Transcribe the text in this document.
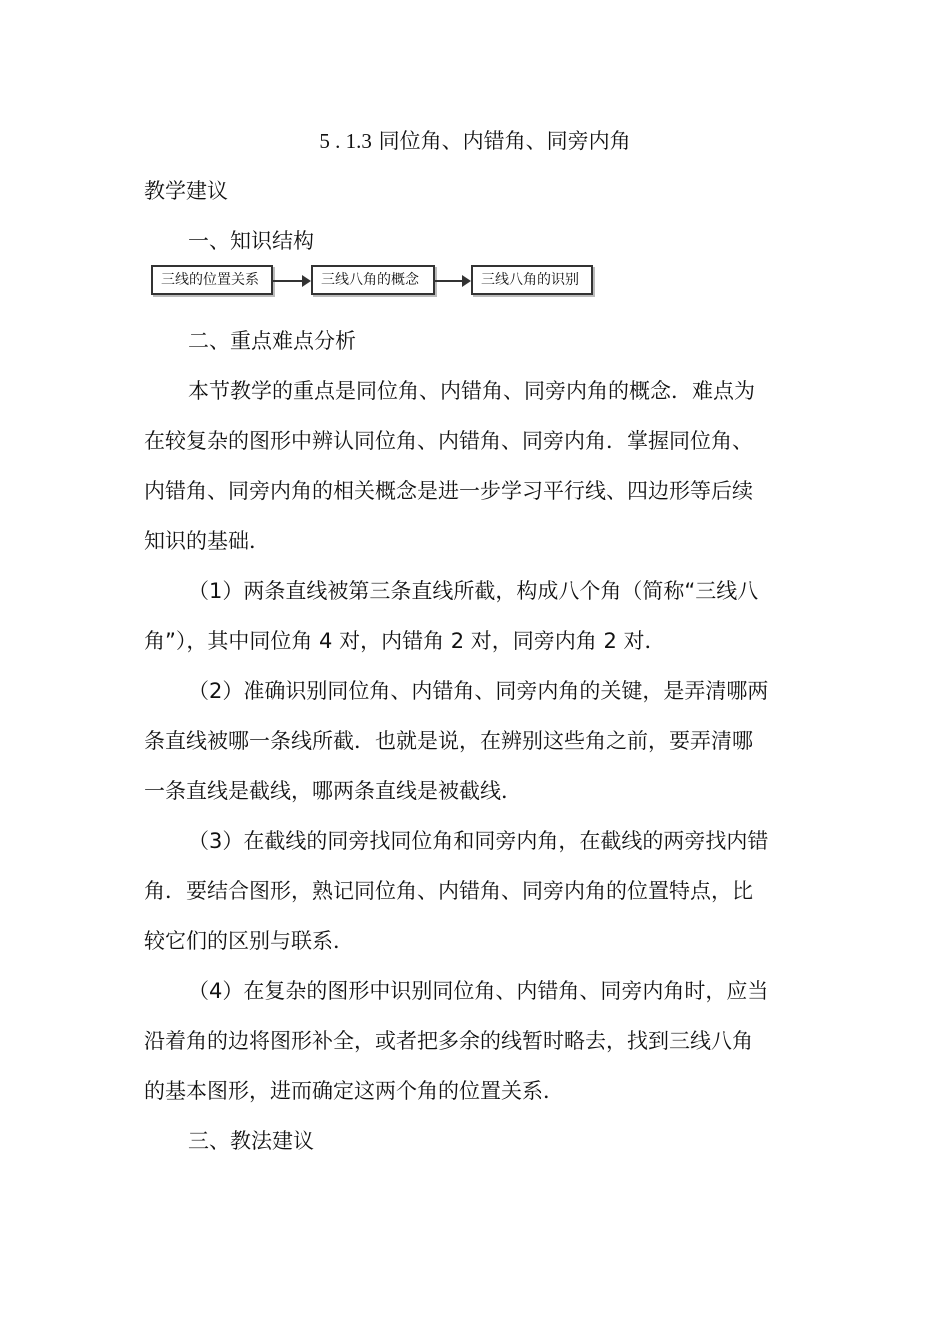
5 . 1.3 同位角、内错角、同旁内角
教学建议
一、知识结构
三线的位置关系	三线八角的概念	三线八角的识别
二、重点难点分析
本节教学的重点是同位角、内错角、同旁内角的概念．难点为
在较复杂的图形中辨认同位角、内错角、同旁内角．掌握同位角、
内错角、同旁内角的相关概念是进一步学习平行线、四边形等后续
知识的基础．
（1）两条直线被第三条直线所截，构成八个角（简称“三线八
角”），其中同位角 4 对，内错角 2 对，同旁内角 2 对．
（2）准确识别同位角、内错角、同旁内角的关键，是弄清哪两
条直线被哪一条线所截．也就是说，在辨别这些角之前，要弄清哪
一条直线是截线，哪两条直线是被截线．
（3）在截线的同旁找同位角和同旁内角，在截线的两旁找内错
角．要结合图形，熟记同位角、内错角、同旁内角的位置特点，比
较它们的区别与联系．
（4）在复杂的图形中识别同位角、内错角、同旁内角时，应当
沿着角的边将图形补全，或者把多余的线暂时略去，找到三线八角
的基本图形，进而确定这两个角的位置关系．
三、教法建议
